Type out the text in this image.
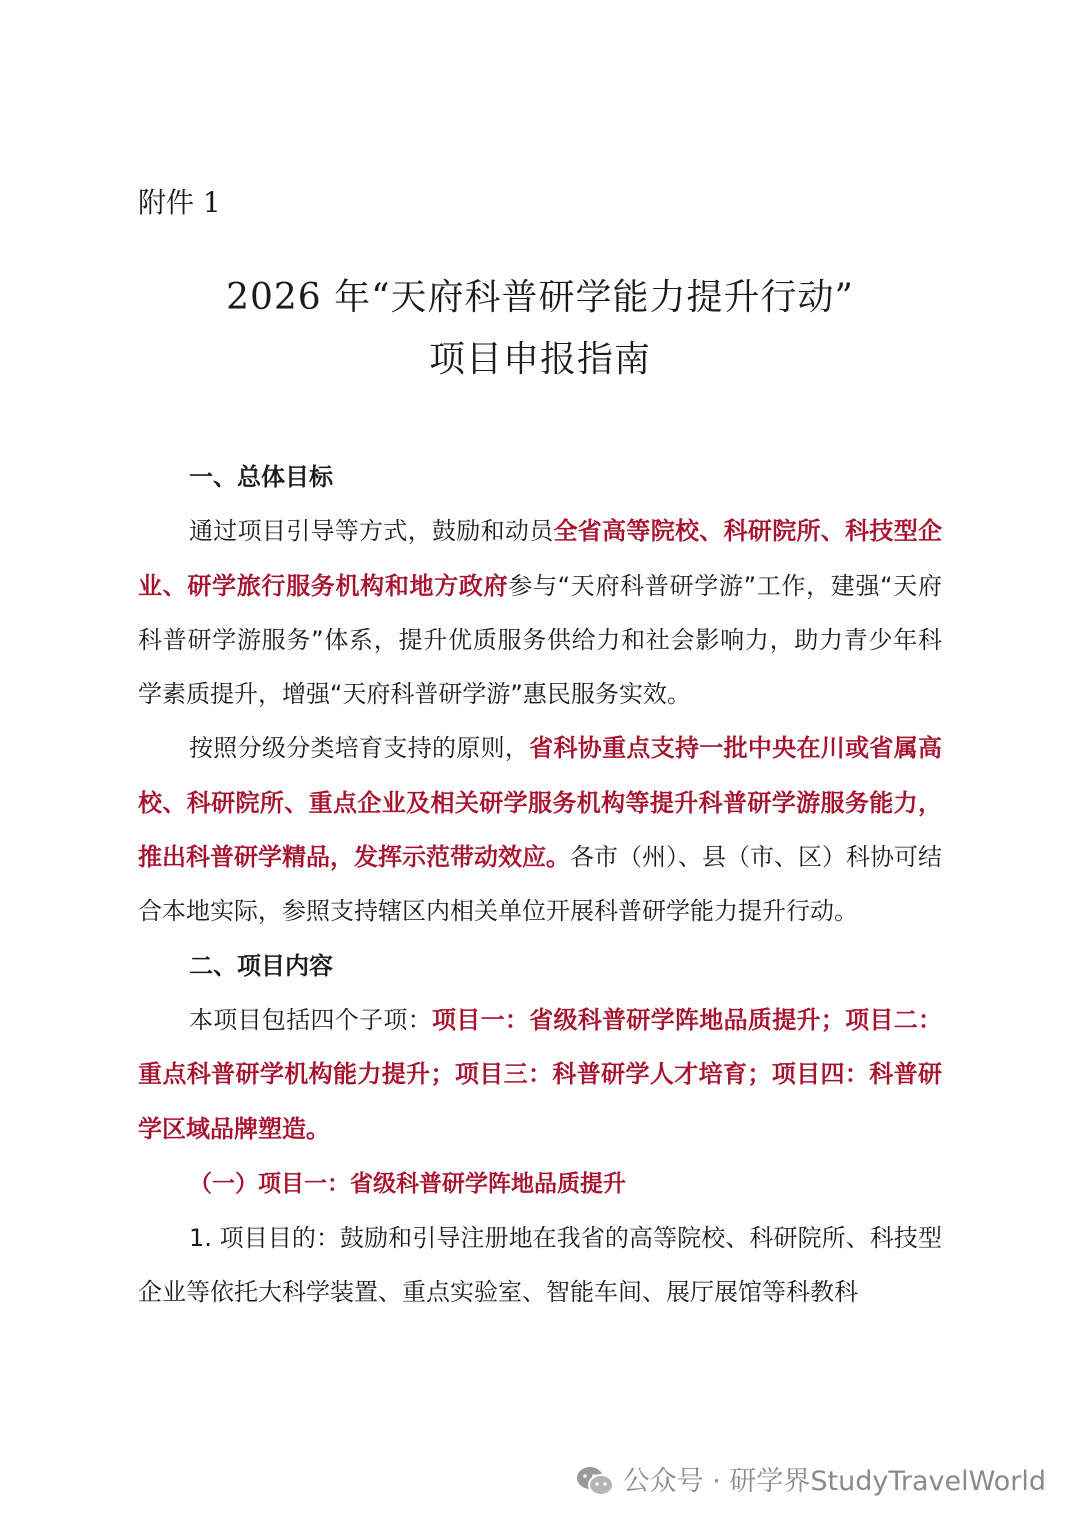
附件 1
2026 年“天府科普研学能力提升行动”
项目申报指南

一、总体目标

通过项目引导等方式，鼓励和动员全省高等院校、科研院所、科技型企业、研学旅行服务机构和地方政府参与“天府科普研学游”工作，建强“天府科普研学游服务”体系，提升优质服务供给力和社会影响力，助力青少年科学素质提升，增强“天府科普研学游”惠民服务实效。

按照分级分类培育支持的原则，省科协重点支持一批中央在川或省属高校、科研院所、重点企业及相关研学服务机构等提升科普研学游服务能力，推出科普研学精品，发挥示范带动效应。各市（州）、县（市、区）科协可结合本地实际，参照支持辖区内相关单位开展科普研学能力提升行动。

二、项目内容

本项目包括四个子项：项目一：省级科普研学阵地品质提升；项目二：重点科普研学机构能力提升；项目三：科普研学人才培育；项目四：科普研学区域品牌塑造。

（一）项目一：省级科普研学阵地品质提升

1. 项目目的：鼓励和引导注册地在我省的高等院校、科研院所、科技型企业等依托大科学装置、重点实验室、智能车间、展厅展馆等科教科

公众号 · 研学界StudyTravelWorld
